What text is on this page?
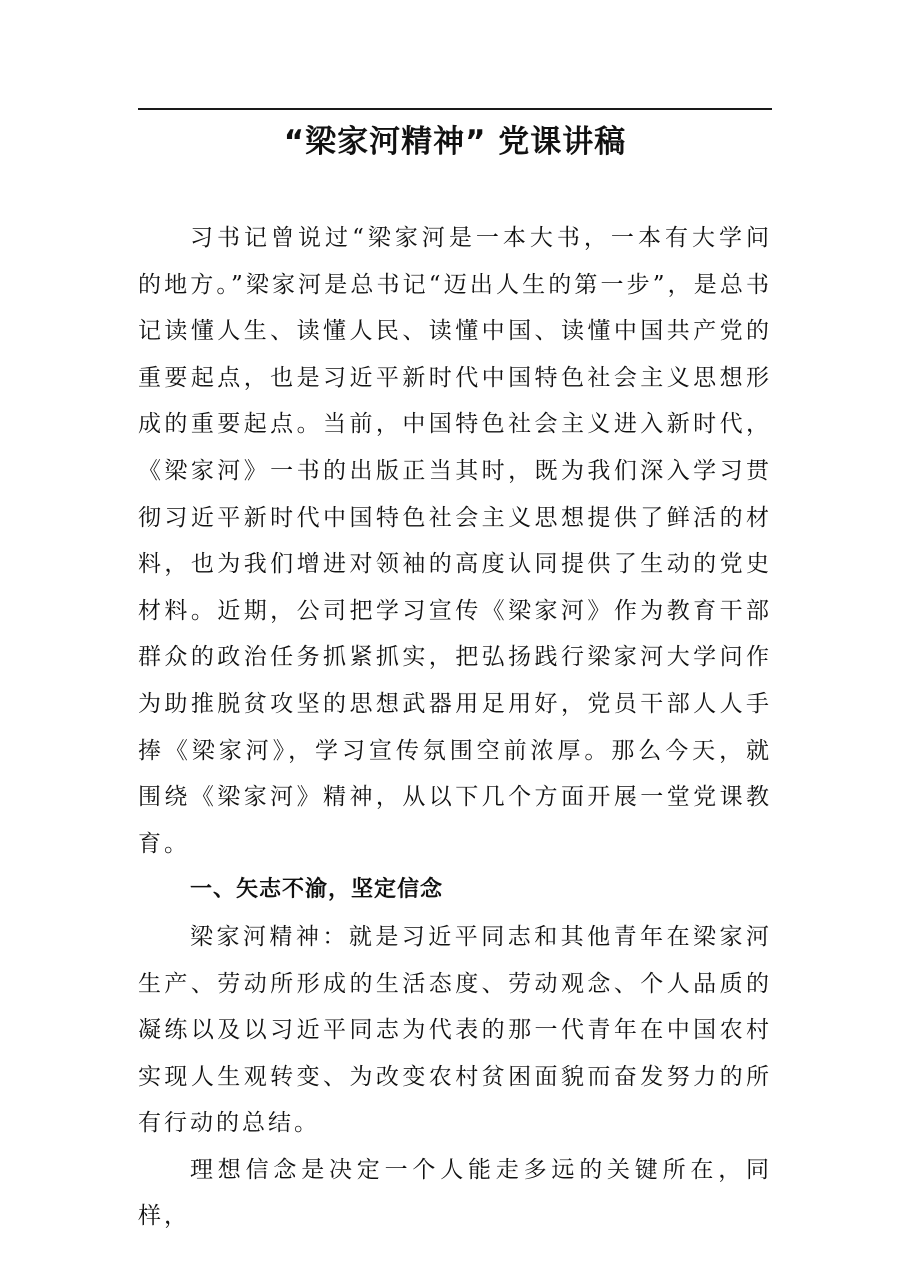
“梁家河精神” 党课讲稿

习书记曾说过“梁家河是一本大书，一本有大学问的地方。”梁家河是总书记“迈出人生的第一步”，是总书记读懂人生、读懂人民、读懂中国、读懂中国共产党的重要起点，也是习近平新时代中国特色社会主义思想形成的重要起点。当前，中国特色社会主义进入新时代，《梁家河》一书的出版正当其时，既为我们深入学习贯彻习近平新时代中国特色社会主义思想提供了鲜活的材料，也为我们增进对领袖的高度认同提供了生动的党史材料。近期，公司把学习宣传《梁家河》作为教育干部群众的政治任务抓紧抓实，把弘扬践行梁家河大学问作为助推脱贫攻坚的思想武器用足用好，党员干部人人手捧《梁家河》，学习宣传氛围空前浓厚。那么今天，就围绕《梁家河》精神，从以下几个方面开展一堂党课教育。

一、矢志不渝，坚定信念

梁家河精神：就是习近平同志和其他青年在梁家河生产、劳动所形成的生活态度、劳动观念、个人品质的凝练以及以习近平同志为代表的那一代青年在中国农村实现人生观转变、为改变农村贫困面貌而奋发努力的所有行动的总结。

理想信念是决定一个人能走多远的关键所在，同样，
